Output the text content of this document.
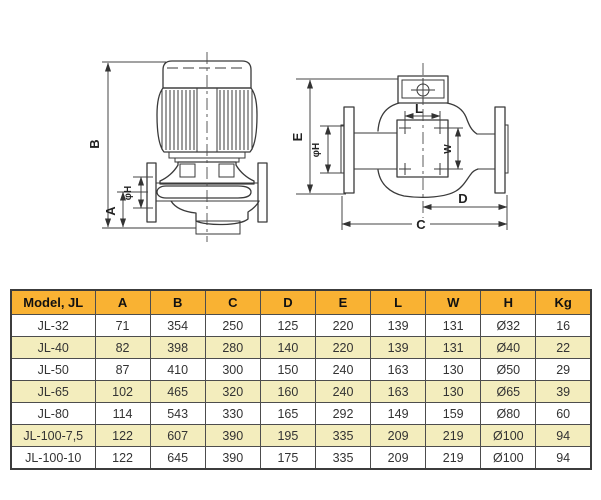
B
A
φH
E
φH
L
W
D
C
Model, JL	A	B	C	D	E	L	W	H	Kg
JL-32	71	354	250	125	220	139	131	Ø32	16
JL-40	82	398	280	140	220	139	131	Ø40	22
JL-50	87	410	300	150	240	163	130	Ø50	29
JL-65	102	465	320	160	240	163	130	Ø65	39
JL-80	114	543	330	165	292	149	159	Ø80	60
JL-100-7,5	122	607	390	195	335	209	219	Ø100	94
JL-100-10	122	645	390	175	335	209	219	Ø100	94
